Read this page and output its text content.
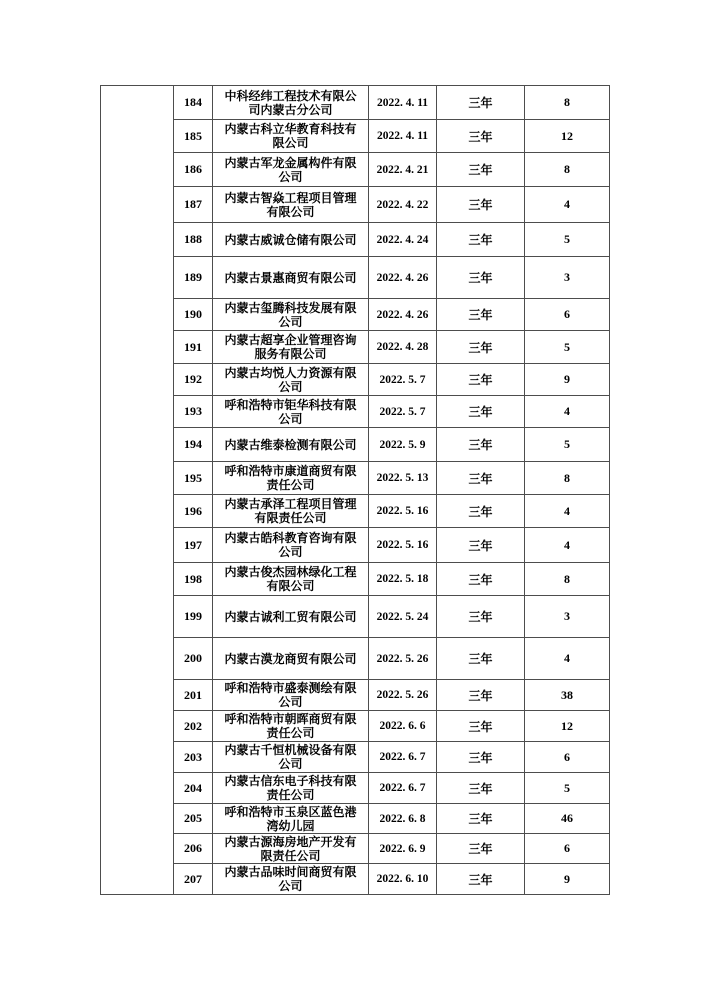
184 中科经纬工程技术有限公司内蒙古分公司	2022. 4. 11	三年	8
185 内蒙古科立华教育科技有限公司	2022. 4. 11	三年	12
186 内蒙古军龙金属构件有限公司	2022. 4. 21	三年	8
187 内蒙古智焱工程项目管理有限公司	2022. 4. 22	三年	4
188 内蒙古威诚仓储有限公司 2022. 4. 24	三年	5
189 内蒙古景惠商贸有限公司 2022. 4. 26	三年	3
190 内蒙古玺腾科技发展有限公司	2022. 4. 26	三年	6
191 内蒙古超享企业管理咨询服务有限公司	2022. 4. 28	三年	5
192 内蒙古均悦人力资源有限公司	2022. 5. 7	三年	9
193 呼和浩特市钜华科技有限公司	2022. 5. 7	三年	4
194 内蒙古维泰检测有限公司 2022. 5. 9	三年	5
195 呼和浩特市康道商贸有限责任公司	2022. 5. 13	三年	8
196 内蒙古承泽工程项目管理有限责任公司	2022. 5. 16	三年	4
197 内蒙古皓科教育咨询有限公司	2022. 5. 16	三年	4
198 内蒙古俊杰园林绿化工程有限公司	2022. 5. 18	三年	8
199 内蒙古诚利工贸有限公司 2022. 5. 24	三年	3
200 内蒙古漠龙商贸有限公司 2022. 5. 26	三年	4
201 呼和浩特市盛泰测绘有限公司	2022. 5. 26	三年	38
202 呼和浩特市朝晖商贸有限责任公司	2022. 6. 6	三年	12
203 内蒙古千恒机械设备有限公司	2022. 6. 7	三年	6
204 内蒙古信东电子科技有限责任公司	2022. 6. 7	三年	5
205 呼和浩特市玉泉区蓝色港湾幼儿园	2022. 6. 8	三年	46
206 内蒙古源海房地产开发有限责任公司	2022. 6. 9	三年	6
207 内蒙古品味时间商贸有限公司	2022. 6. 10	三年	9
